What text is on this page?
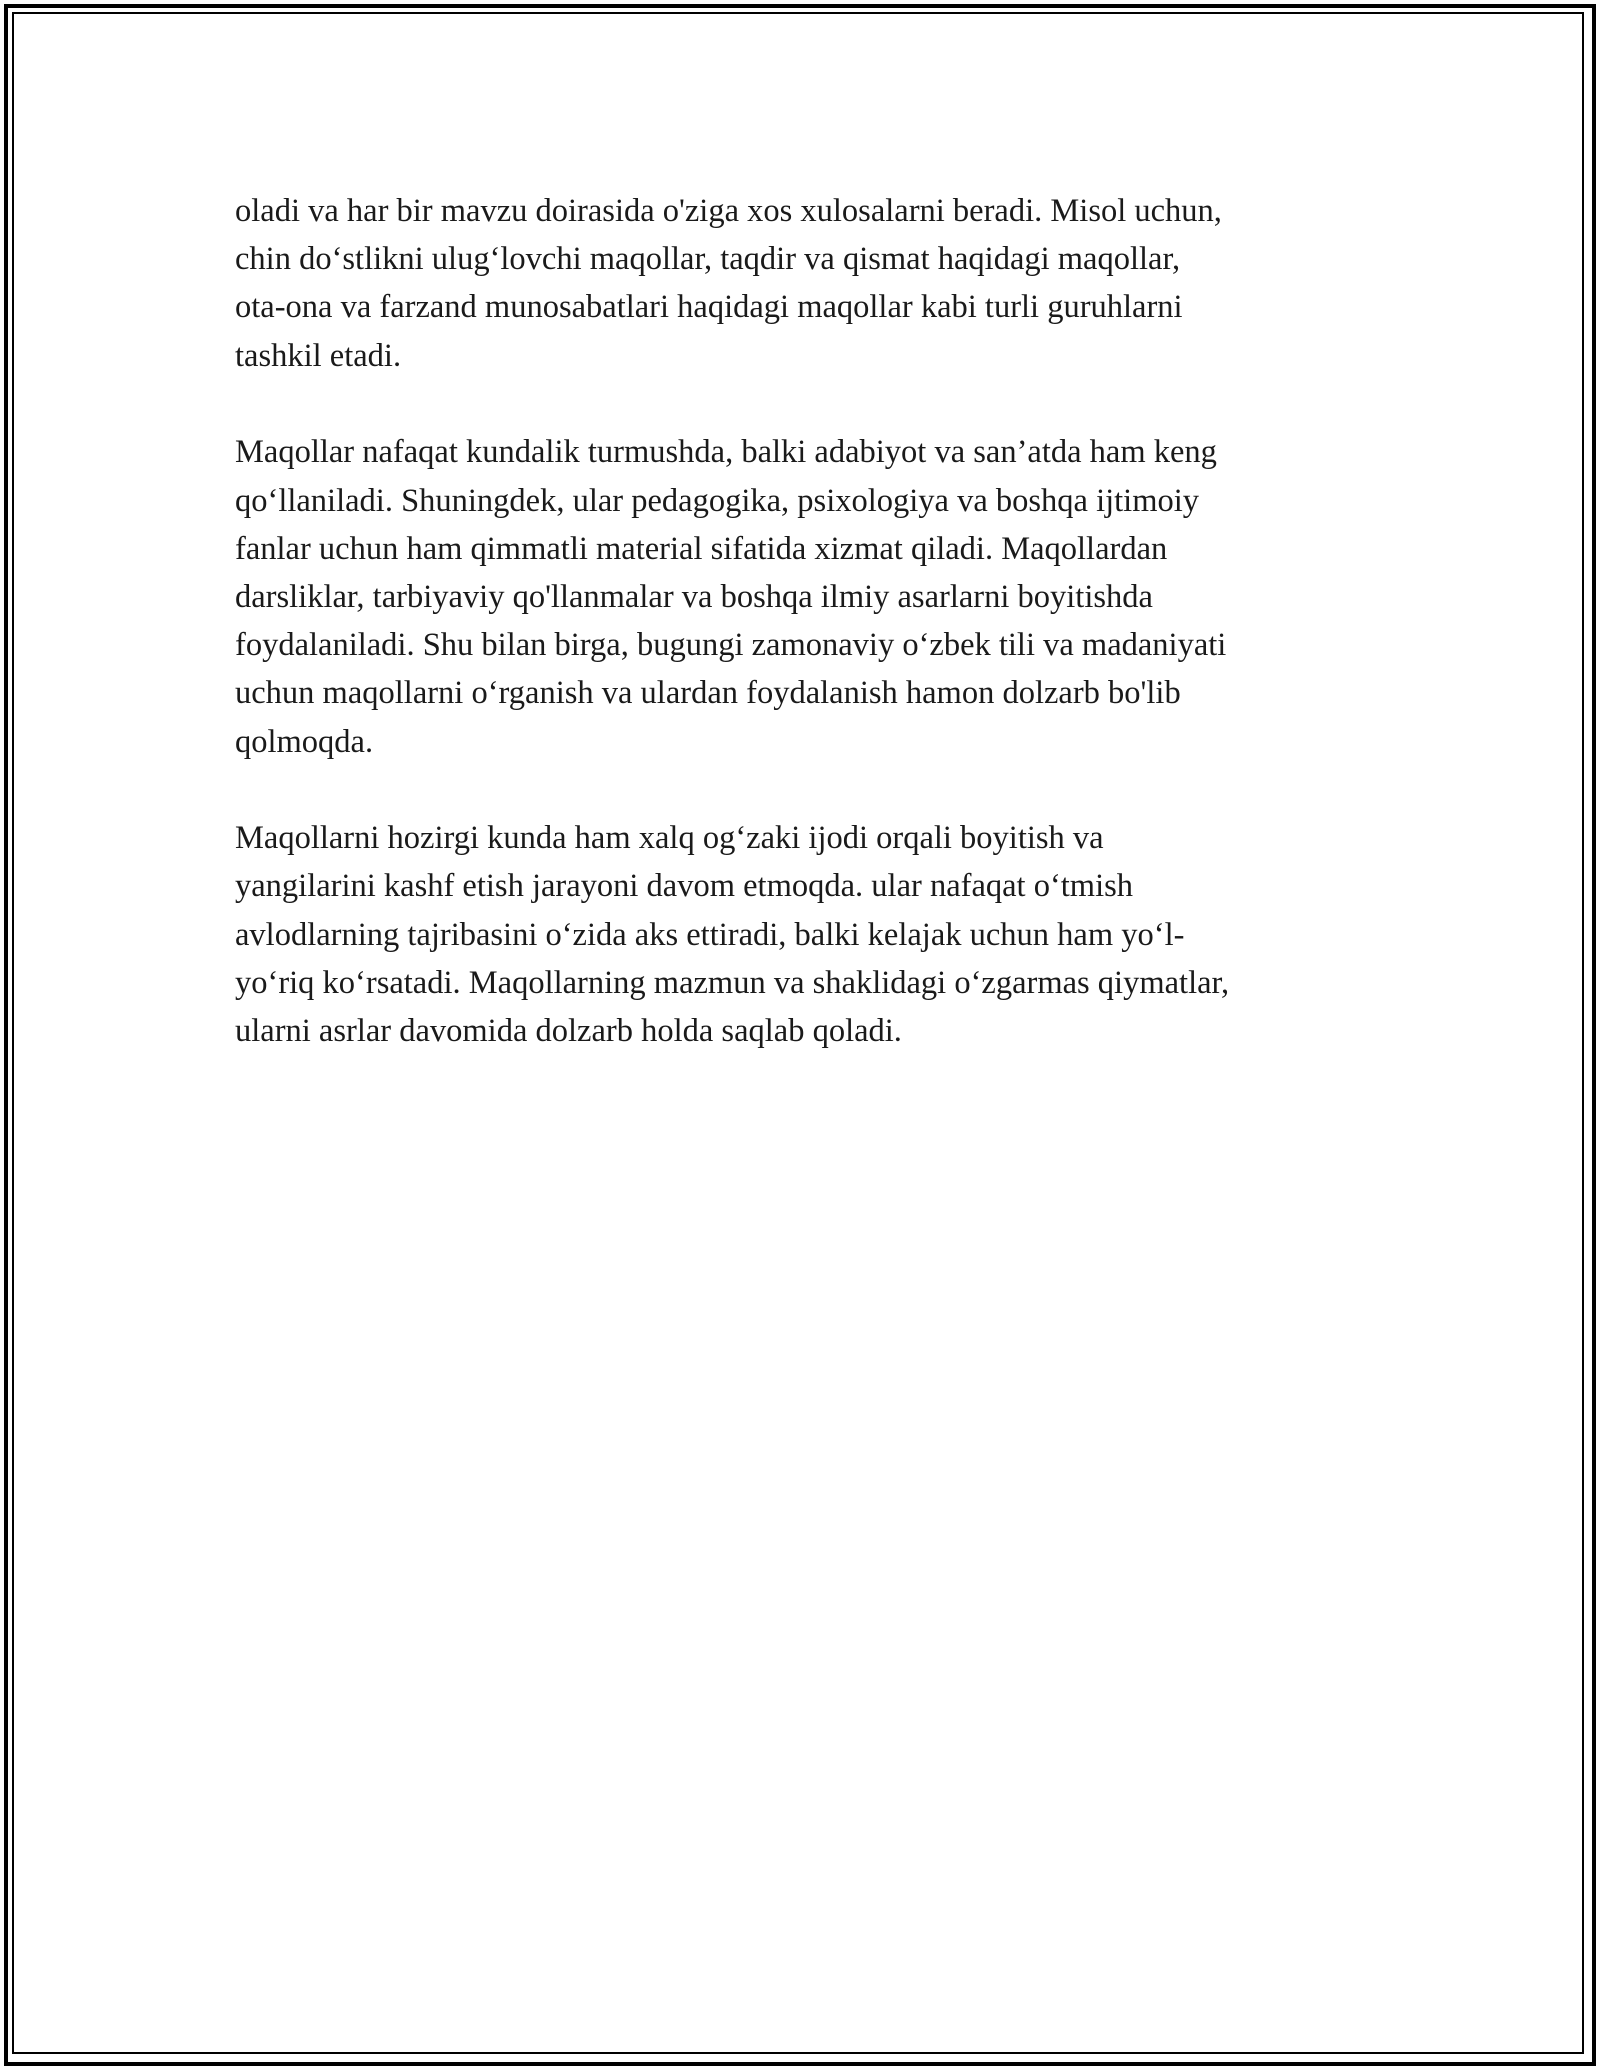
oladi va har bir mavzu doirasida o'ziga xos xulosalarni beradi. Misol uchun,
chin do‘stlikni ulug‘lovchi maqollar, taqdir va qismat haqidagi maqollar,
ota-ona va farzand munosabatlari haqidagi maqollar kabi turli guruhlarni
tashkil etadi.

Maqollar nafaqat kundalik turmushda, balki adabiyot va san’atda ham keng
qo‘llaniladi. Shuningdek, ular pedagogika, psixologiya va boshqa ijtimoiy
fanlar uchun ham qimmatli material sifatida xizmat qiladi. Maqollardan
darsliklar, tarbiyaviy qo'llanmalar va boshqa ilmiy asarlarni boyitishda
foydalaniladi. Shu bilan birga, bugungi zamonaviy o‘zbek tili va madaniyati
uchun maqollarni o‘rganish va ulardan foydalanish hamon dolzarb bo'lib
qolmoqda.

Maqollarni hozirgi kunda ham xalq og‘zaki ijodi orqali boyitish va
yangilarini kashf etish jarayoni davom etmoqda. ular nafaqat o‘tmish
avlodlarning tajribasini o‘zida aks ettiradi, balki kelajak uchun ham yo‘l-
yo‘riq ko‘rsatadi. Maqollarning mazmun va shaklidagi o‘zgarmas qiymatlar,
ularni asrlar davomida dolzarb holda saqlab qoladi.
